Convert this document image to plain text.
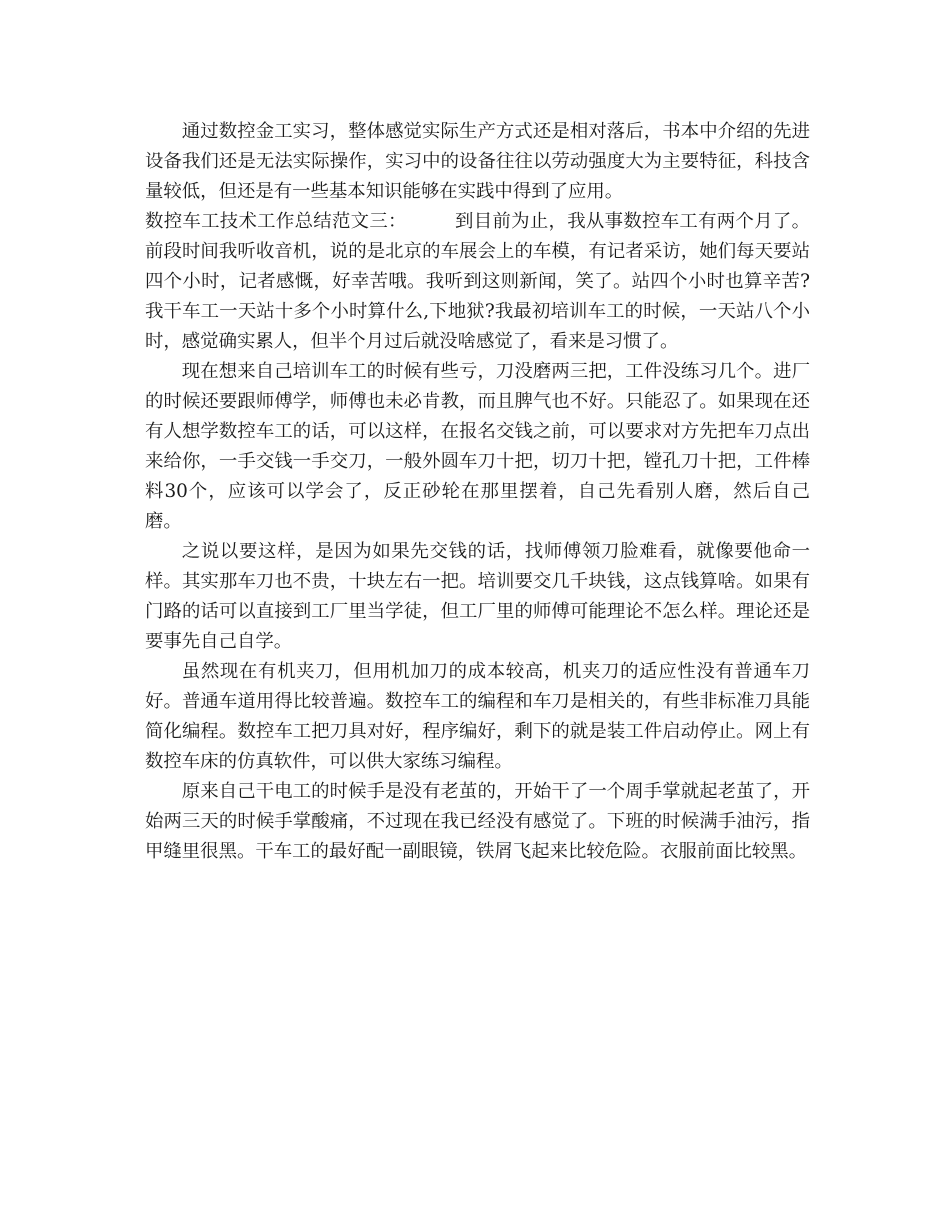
通过数控金工实习，整体感觉实际生产方式还是相对落后，书本中介绍的先进设备我们还是无法实际操作，实习中的设备往往以劳动强度大为主要特征，科技含量较低，但还是有一些基本知识能够在实践中得到了应用。

数控车工技术工作总结范文三：	到目前为止，我从事数控车工有两个月了。前段时间我听收音机，说的是北京的车展会上的车模，有记者采访，她们每天要站四个小时，记者感慨，好幸苦哦。我听到这则新闻，笑了。站四个小时也算辛苦?我干车工一天站十多个小时算什么,下地狱?我最初培训车工的时候，一天站八个小时，感觉确实累人，但半个月过后就没啥感觉了，看来是习惯了。

现在想来自己培训车工的时候有些亏，刀没磨两三把，工件没练习几个。进厂的时候还要跟师傅学，师傅也未必肯教，而且脾气也不好。只能忍了。如果现在还有人想学数控车工的话，可以这样，在报名交钱之前，可以要求对方先把车刀点出来给你，一手交钱一手交刀，一般外圆车刀十把，切刀十把，镗孔刀十把，工件棒料30个，应该可以学会了，反正砂轮在那里摆着，自己先看别人磨，然后自己磨。

之说以要这样，是因为如果先交钱的话，找师傅领刀脸难看，就像要他命一样。其实那车刀也不贵，十块左右一把。培训要交几千块钱，这点钱算啥。如果有门路的话可以直接到工厂里当学徒，但工厂里的师傅可能理论不怎么样。理论还是要事先自己自学。

虽然现在有机夹刀，但用机加刀的成本较高，机夹刀的适应性没有普通车刀好。普通车道用得比较普遍。数控车工的编程和车刀是相关的，有些非标准刀具能简化编程。数控车工把刀具对好，程序编好，剩下的就是装工件启动停止。网上有数控车床的仿真软件，可以供大家练习编程。

原来自己干电工的时候手是没有老茧的，开始干了一个周手掌就起老茧了，开始两三天的时候手掌酸痛，不过现在我已经没有感觉了。下班的时候满手油污，指甲缝里很黑。干车工的最好配一副眼镜，铁屑飞起来比较危险。衣服前面比较黑。
